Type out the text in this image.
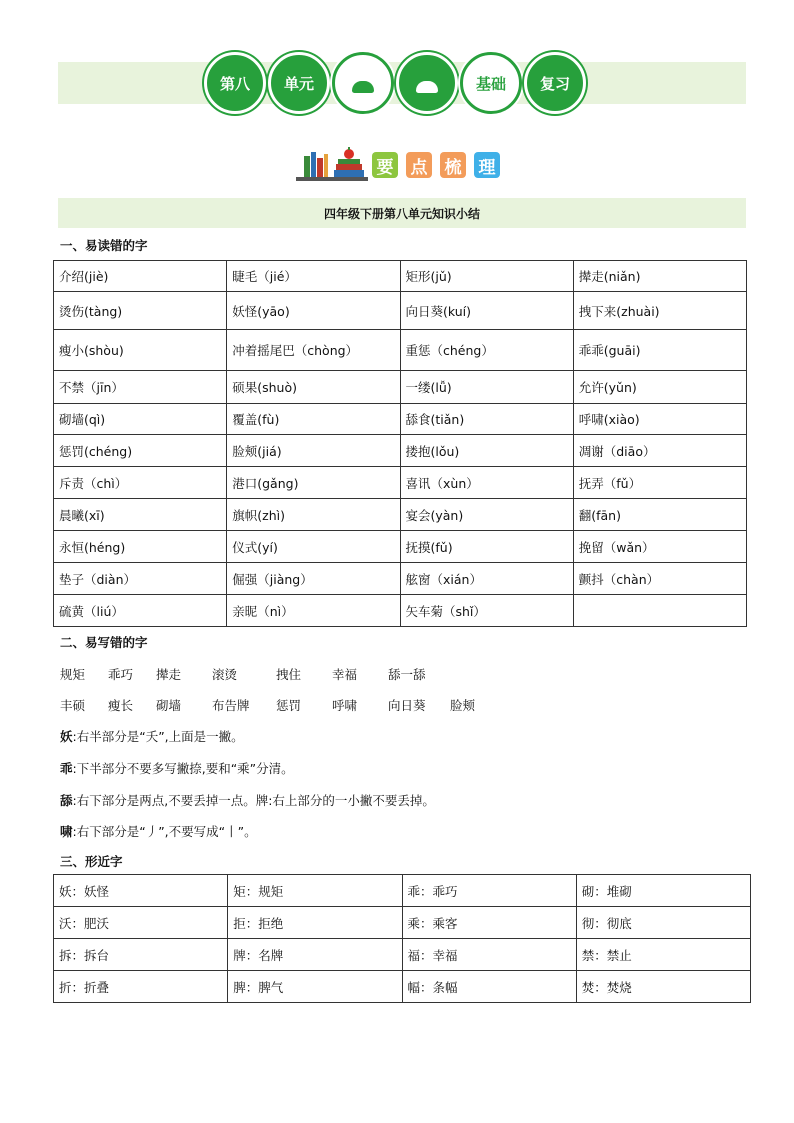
第八 单元	基础 复习
要 点 梳 理
四年级下册第八单元知识小结
一、易读错的字
介绍(jiè)	睫毛（jié）	矩形(jǔ)	撵走(niǎn)
烫伤(tàng)	妖怪(yāo)	向日葵(kuí)	拽下来(zhuài)
瘦小(shòu)	冲着摇尾巴（chòng）	重惩（chéng）	乖乖(guāi)
不禁（jīn）	硕果(shuò)	一缕(lǚ)	允许(yǔn)
砌墙(qì)	覆盖(fù)	舔食(tiǎn)	呼啸(xiào)
惩罚(chéng)	脸颊(jiá)	搂抱(lǒu)	凋谢（diāo）
斥责（chì）	港口(gǎng)	喜讯（xùn）	抚弄（fǔ）
晨曦(xī)	旗帜(zhì)	宴会(yàn)	翻(fān)
永恒(héng)	仪式(yí)	抚摸(fǔ)	挽留（wǎn）
垫子（diàn）	倔强（jiàng）	舷窗（xián）	颤抖（chàn）
硫黄（liú）	亲昵（nì）	矢车菊（shǐ）	
二、易写错的字
规矩 乖巧 撵走 滚烫	拽住 幸福 舔一舔
丰硕 瘦长 砌墙 布告牌 惩罚 呼啸 向日葵 脸颊
妖:右半部分是“夭”,上面是一撇。
乖:下半部分不要多写撇捺,要和“乘”分清。
舔:右下部分是两点,不要丢掉一点。牌:右上部分的一小撇不要丢掉。
啸:右下部分是“丿”,不要写成“丨”。
三、形近字
妖：妖怪	矩：规矩	乖：乖巧	砌：堆砌
沃：肥沃	拒：拒绝	乘：乘客	彻：彻底
拆：拆台	牌：名牌	福：幸福	禁：禁止
折：折叠	脾：脾气	幅：条幅	焚：焚烧
